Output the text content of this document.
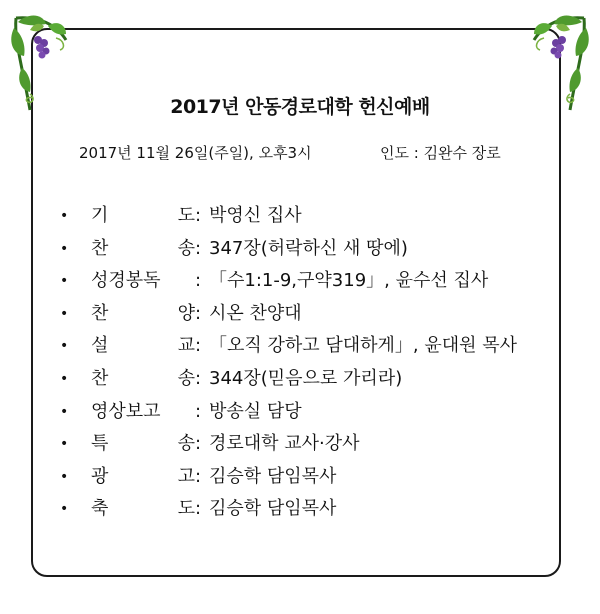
2017년 안동경로대학 헌신예배
2017년 11월 26일(주일), 오후3시	인도 : 김완수 장로
•	기	도 : 박영신 집사
•	찬	송 : 347장(허락하신 새 땅에)
•	성경봉독	: 「수1:1-9,구약319」, 윤수선 집사
•	찬	양 : 시온 찬양대
•	설	교 : 「오직 강하고 담대하게」, 윤대원 목사
•	찬	송 : 344장(믿음으로 가리라)
•	영상보고	: 방송실 담당
•	특	송 : 경로대학 교사·강사
•	광	고 : 김승학 담임목사
•	축	도 : 김승학 담임목사
